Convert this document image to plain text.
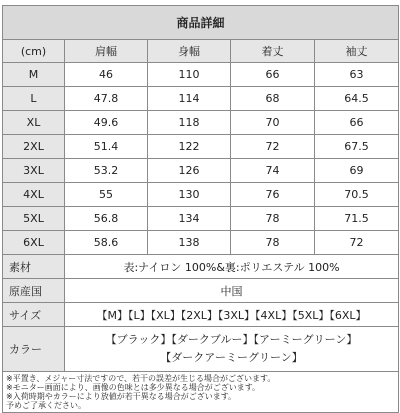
商品詳細				
(cm)	肩幅	身幅	着丈	袖丈
M	46	110	66	63
L	47.8	114	68	64.5
XL	49.6	118	70	66
2XL	51.4	122	72	67.5
3XL	53.2	126	74	69
4XL	55	130	76	70.5
5XL	56.8	134	78	71.5
6XL	58.6	138	78	72
素材	表:ナイロン 100%&裏:ポリエステル 100%			
原産国	中国			
サイズ	【M】【L】【XL】【2XL】【3XL】【4XL】【5XL】【6XL】			
カラー	【ブラック】【ダークブルー】【アーミーグリーン】
【ダークアーミーグリーン】			

※平置き、メジャー寸法ですので、若干の誤差が生じる場合がございます。
※モニター画面により、画像の色味とは多少異なる場合がございます。
※入荷時期やカラーにより放値が若干異なる場合がございます。
予めご了承ください。				
